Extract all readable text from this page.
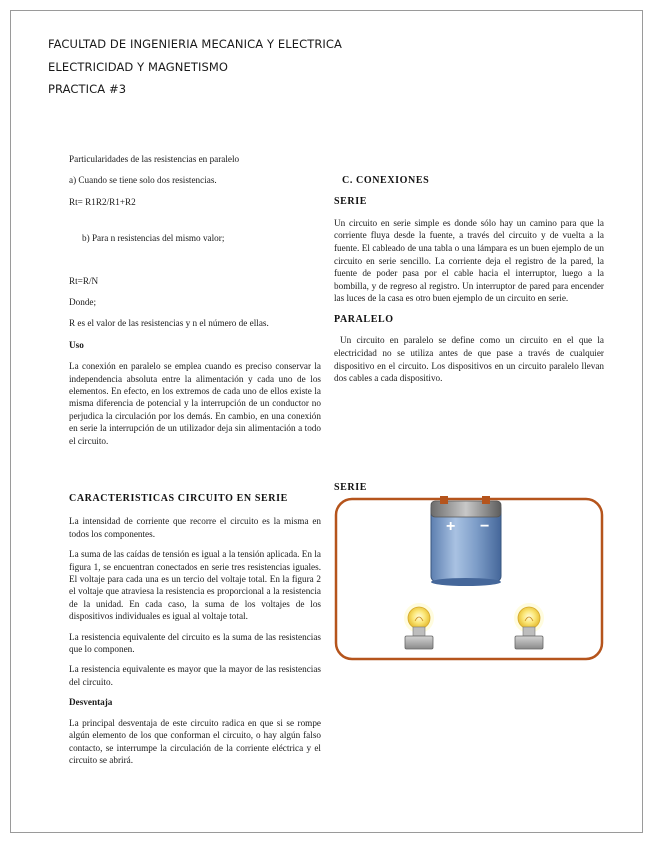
FACULTAD DE INGENIERIA MECANICA Y ELECTRICA
ELECTRICIDAD Y MAGNETISMO
PRACTICA #3

Particularidades de las resistencias en paralelo

a) Cuando se tiene solo dos resistencias.

Rt= R1R2/R1+R2

b) Para n resistencias del mismo valor;

Rt=R/N

Donde;

R es el valor de las resistencias y n el número de ellas.

Uso

La conexión en paralelo se emplea cuando es preciso conservar la independencia absoluta entre la alimentación y cada uno de los elementos. En efecto, en los extremos de cada uno de ellos existe la misma diferencia de potencial y la interrupción de un conductor no perjudica la circulación por los demás. En cambio, en una conexión en serie la interrupción de un utilizador deja sin alimentación a todo el circuito.

C. CONEXIONES

SERIE

Un circuito en serie simple es donde sólo hay un camino para que la corriente fluya desde la fuente, a través del circuito y de vuelta a la fuente. El cableado de una tabla o una lámpara es un buen ejemplo de un circuito en serie sencillo. La corriente deja el registro de la pared, la fuente de poder pasa por el cable hacia el interruptor, luego a la bombilla, y de regreso al registro. Un interruptor de pared para encender las luces de la casa es otro buen ejemplo de un circuito en serie.

PARALELO

Un circuito en paralelo se define como un circuito en el que la electricidad no se utiliza antes de que pase a través de cualquier dispositivo en el circuito. Los dispositivos en un circuito paralelo llevan dos cables a cada dispositivo.

CARACTERISTICAS CIRCUITO EN SERIE

La intensidad de corriente que recorre el circuito es la misma en todos los componentes.

La suma de las caídas de tensión es igual a la tensión aplicada. En la figura 1, se encuentran conectados en serie tres resistencias iguales. El voltaje para cada una es un tercio del voltaje total. En la figura 2 el voltaje que atraviesa la resistencia es proporcional a la resistencia de la unidad. En cada caso, la suma de los voltajes de los dispositivos individuales es igual al voltaje total.

La resistencia equivalente del circuito es la suma de las resistencias que lo componen.

La resistencia equivalente es mayor que la mayor de las resistencias del circuito.

Desventaja

La principal desventaja de este circuito radica en que si se rompe algún elemento de los que conforman el circuito, o hay algún falso contacto, se interrumpe la circulación de la corriente eléctrica y el circuito se abrirá.

SERIE
+ −
